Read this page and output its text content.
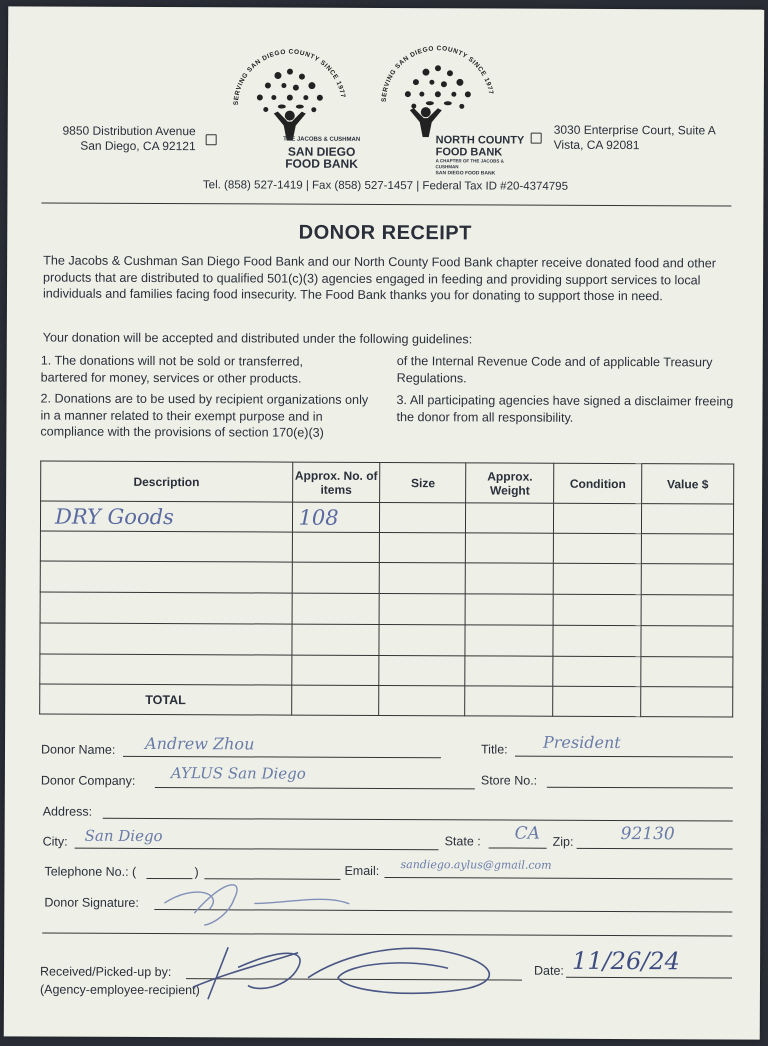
9850 Distribution Avenue
San Diego, CA 92121
3030 Enterprise Court, Suite A
Vista, CA 92081
SERVING SAN DIEGO COUNTY SINCE 1977
THE JACOBS & CUSHMAN
SAN DIEGO
FOOD BANK
SERVING SAN DIEGO COUNTY SINCE 1977
NORTH COUNTY
FOOD BANK
A CHAPTER OF THE JACOBS & CUSHMAN
SAN DIEGO FOOD BANK
Tel. (858) 527-1419 | Fax (858) 527-1457 | Federal Tax ID #20-4374795
DONOR RECEIPT
The Jacobs & Cushman San Diego Food Bank and our North County Food Bank chapter receive donated food and other products that are distributed to qualified 501(c)(3) agencies engaged in feeding and providing support services to local individuals and families facing food insecurity. The Food Bank thanks you for donating to support those in need.
Your donation will be accepted and distributed under the following guidelines:
1. The donations will not be sold or transferred, bartered for money, services or other products.
2. Donations are to be used by recipient organizations only in a manner related to their exempt purpose and in compliance with the provisions of section 170(e)(3)
of the Internal Revenue Code and of applicable Treasury Regulations.
3. All participating agencies have signed a disclaimer freeing the donor from all responsibility.
Description	Approx. No. of items	Size	Approx. Weight	Condition	Value $
DRY Goods	108				

TOTAL					
Donor Name: Andrew Zhou	Title: President
Donor Company: AYLUS San Diego	Store No.:
Address:
City: San Diego	State : CA Zip:	92130
Telephone No.: (	)	Email: sandiego.aylus@gmail.com
Donor Signature:
Received/Picked-up by:
(Agency-employee-recipient)
Date: 11/26/24
